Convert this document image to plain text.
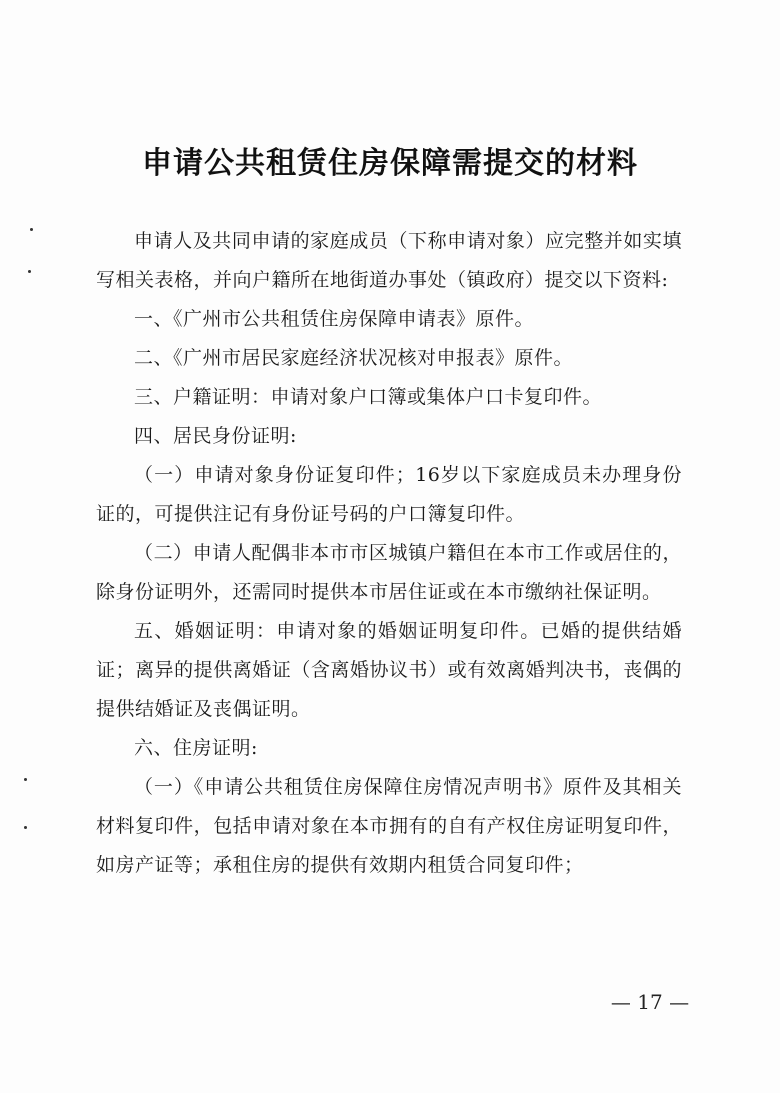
申请公共租赁住房保障需提交的材料

申请人及共同申请的家庭成员（下称申请对象）应完整并如实填写相关表格，并向户籍所在地街道办事处（镇政府）提交以下资料:

一、《广州市公共租赁住房保障申请表》原件。

二、《广州市居民家庭经济状况核对申报表》原件。

三、户籍证明：申请对象户口簿或集体户口卡复印件。

四、居民身份证明:

（一）申请对象身份证复印件；16岁以下家庭成员未办理身份证的，可提供注记有身份证号码的户口簿复印件。

（二）申请人配偶非本市市区城镇户籍但在本市工作或居住的，除身份证明外，还需同时提供本市居住证或在本市缴纳社保证明。

五、婚姻证明：申请对象的婚姻证明复印件。已婚的提供结婚证；离异的提供离婚证（含离婚协议书）或有效离婚判决书，丧偶的提供结婚证及丧偶证明。

六、住房证明:

（一）《申请公共租赁住房保障住房情况声明书》原件及其相关材料复印件，包括申请对象在本市拥有的自有产权住房证明复印件，如房产证等；承租住房的提供有效期内租赁合同复印件；

— 17 —
